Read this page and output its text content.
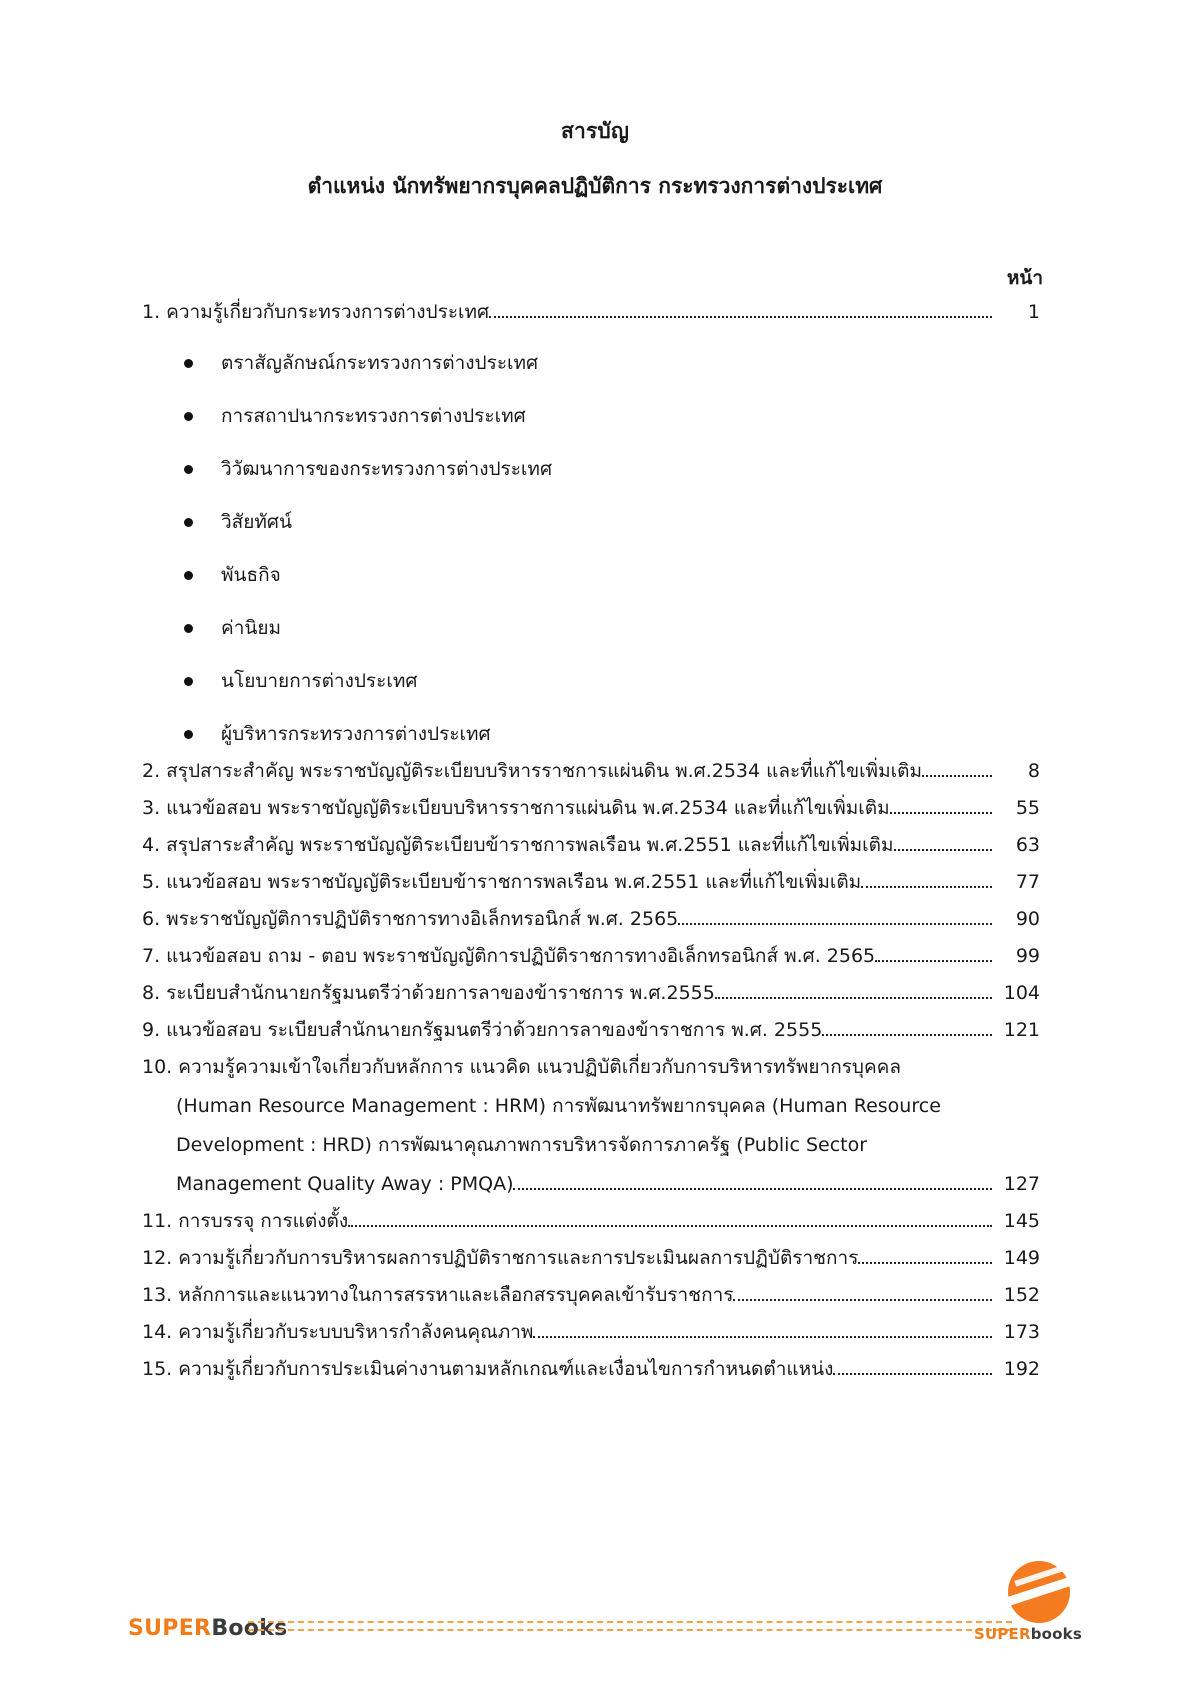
สารบัญ
ตำแหน่ง นักทรัพยากรบุคคลปฏิบัติการ กระทรวงการต่างประเทศ
หน้า
1. ความรู้เกี่ยวกับกระทรวงการต่างประเทศ	1
ตราสัญลักษณ์กระทรวงการต่างประเทศ
การสถาปนากระทรวงการต่างประเทศ
วิวัฒนาการของกระทรวงการต่างประเทศ
วิสัยทัศน์
พันธกิจ
ค่านิยม
นโยบายการต่างประเทศ
ผู้บริหารกระทรวงการต่างประเทศ
2. สรุปสาระสำคัญ พระราชบัญญัติระเบียบบริหารราชการแผ่นดิน พ.ศ.2534 และที่แก้ไขเพิ่มเติม	8
3. แนวข้อสอบ พระราชบัญญัติระเบียบบริหารราชการแผ่นดิน พ.ศ.2534 และที่แก้ไขเพิ่มเติม	55
4. สรุปสาระสำคัญ พระราชบัญญัติระเบียบข้าราชการพลเรือน พ.ศ.2551 และที่แก้ไขเพิ่มเติม	63
5. แนวข้อสอบ พระราชบัญญัติระเบียบข้าราชการพลเรือน พ.ศ.2551 และที่แก้ไขเพิ่มเติม	77
6. พระราชบัญญัติการปฏิบัติราชการทางอิเล็กทรอนิกส์ พ.ศ. 2565	90
7. แนวข้อสอบ ถาม - ตอบ พระราชบัญญัติการปฏิบัติราชการทางอิเล็กทรอนิกส์ พ.ศ. 2565	99
8. ระเบียบสำนักนายกรัฐมนตรีว่าด้วยการลาของข้าราชการ พ.ศ.2555	104
9. แนวข้อสอบ ระเบียบสำนักนายกรัฐมนตรีว่าด้วยการลาของข้าราชการ พ.ศ. 2555	121
10. ความรู้ความเข้าใจเกี่ยวกับหลักการ แนวคิด แนวปฏิบัติเกี่ยวกับการบริหารทรัพยากรบุคคล
(Human Resource Management : HRM) การพัฒนาทรัพยากรบุคคล (Human Resource
Development : HRD) การพัฒนาคุณภาพการบริหารจัดการภาครัฐ (Public Sector
Management Quality Away : PMQA)	127
11. การบรรจุ การแต่งตั้ง	145
12. ความรู้เกี่ยวกับการบริหารผลการปฏิบัติราชการและการประเมินผลการปฏิบัติราชการ	149
13. หลักการและแนวทางในการสรรหาและเลือกสรรบุคคลเข้ารับราชการ	152
14. ความรู้เกี่ยวกับระบบบริหารกำลังคนคุณภาพ	173
15. ความรู้เกี่ยวกับการประเมินค่างานตามหลักเกณฑ์และเงื่อนไขการกำหนดตำแหน่ง	192
SUPERBooks	SUPERbooks
